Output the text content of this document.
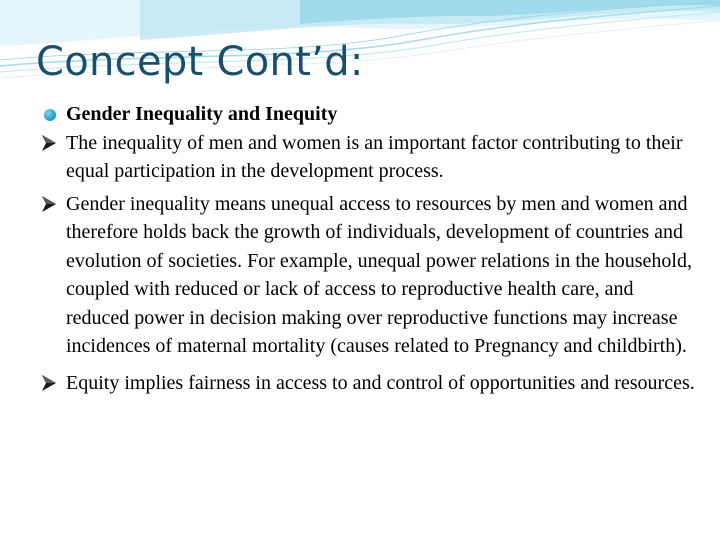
Concept Cont’d:

Gender Inequality and Inequity

The inequality of men and women is an important factor contributing to their equal participation in the development process.

Gender inequality means unequal access to resources by men and women and therefore holds back the growth of individuals, development of countries and evolution of societies. For example, unequal power relations in the household, coupled with reduced or lack of access to reproductive health care, and reduced power in decision making over reproductive functions may increase incidences of maternal mortality (causes related to Pregnancy and childbirth).

Equity implies fairness in access to and control of opportunities and resources.
